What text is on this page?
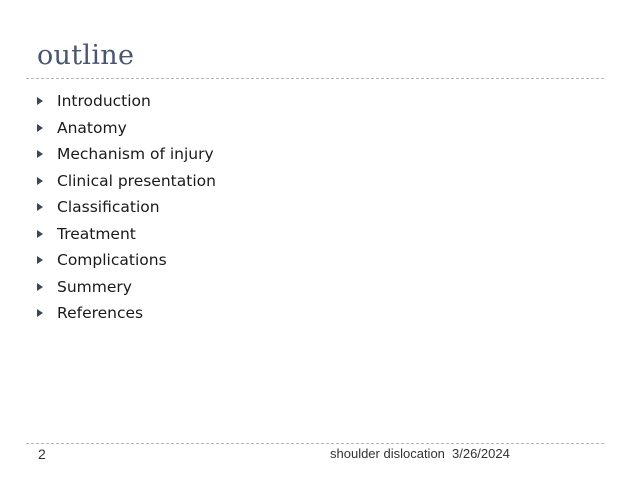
outline
Introduction
Anatomy
Mechanism of injury
Clinical presentation
Classification
Treatment
Complications
Summery
References
2	shoulder dislocation 3/26/2024
